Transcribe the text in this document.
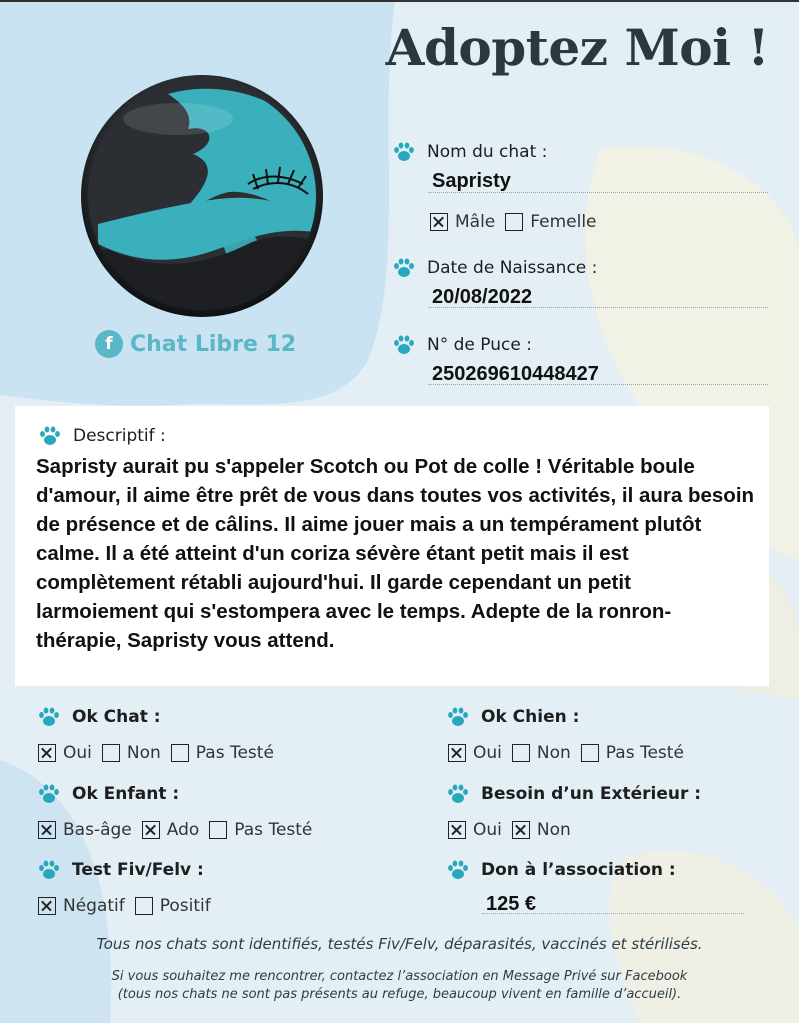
Adoptez Moi !
f Chat Libre 12
Nom du chat :
Sapristy
Mâle Femelle
Date de Naissance :
20/08/2022
N° de Puce :
250269610448427
Descriptif :
Sapristy aurait pu s'appeler Scotch ou Pot de colle ! Véritable boule d'amour, il aime être prêt de vous dans toutes vos activités, il aura besoin de présence et de câlins. Il aime jouer mais a un tempérament plutôt calme. Il a été atteint d'un coriza sévère étant petit mais il est complètement rétabli aujourd'hui. Il garde cependant un petit larmoiement qui s'estompera avec le temps. Adepte de la ronron-thérapie, Sapristy vous attend.
Ok Chat :
Oui Non Pas Testé
Ok Chien :
Oui Non Pas Testé
Ok Enfant :
Bas-âge Ado Pas Testé
Besoin d’un Extérieur :
Oui Non
Test Fiv/Felv :
Négatif Positif
Don à l’association :
125 €
Tous nos chats sont identifiés, testés Fiv/Felv, déparasités, vaccinés et stérilisés.
Si vous souhaitez me rencontrer, contactez l’association en Message Privé sur Facebook
(tous nos chats ne sont pas présents au refuge, beaucoup vivent en famille d’accueil).
